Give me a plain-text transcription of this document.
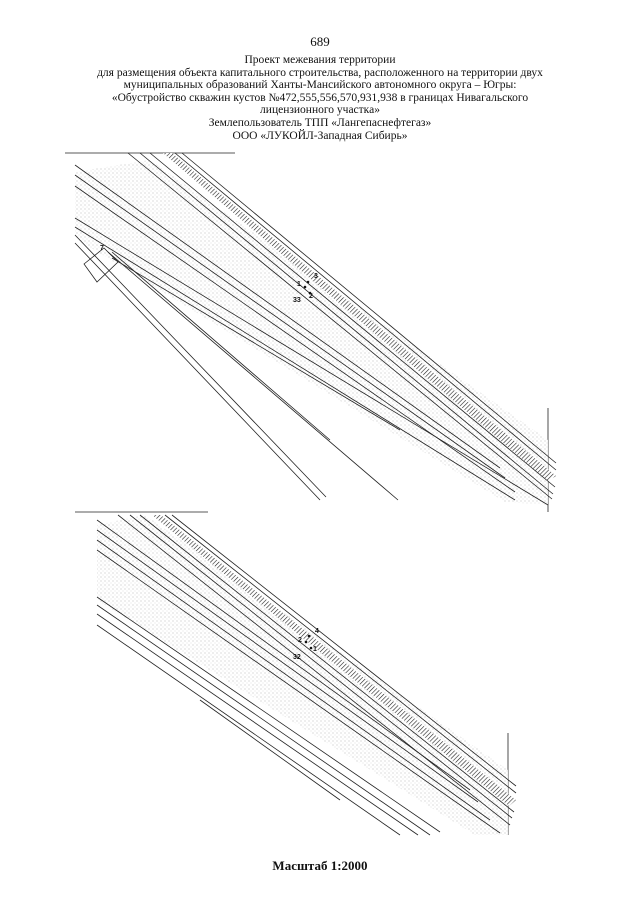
689
Проект межевания территории
для размещения объекта капитального строительства, расположенного на территории двух
муниципальных образований Ханты-Мансийского автономного округа – Югры:
«Обустройство скважин кустов №472,555,556,570,931,938 в границах Нивагальского
лицензионного участка»
Землепользователь ТПП «Лангепаснефтегаз»
ООО «ЛУКОЙЛ-Западная Сибирь»
3
1
2
33
7
4
2
1
32
Масштаб 1:2000
